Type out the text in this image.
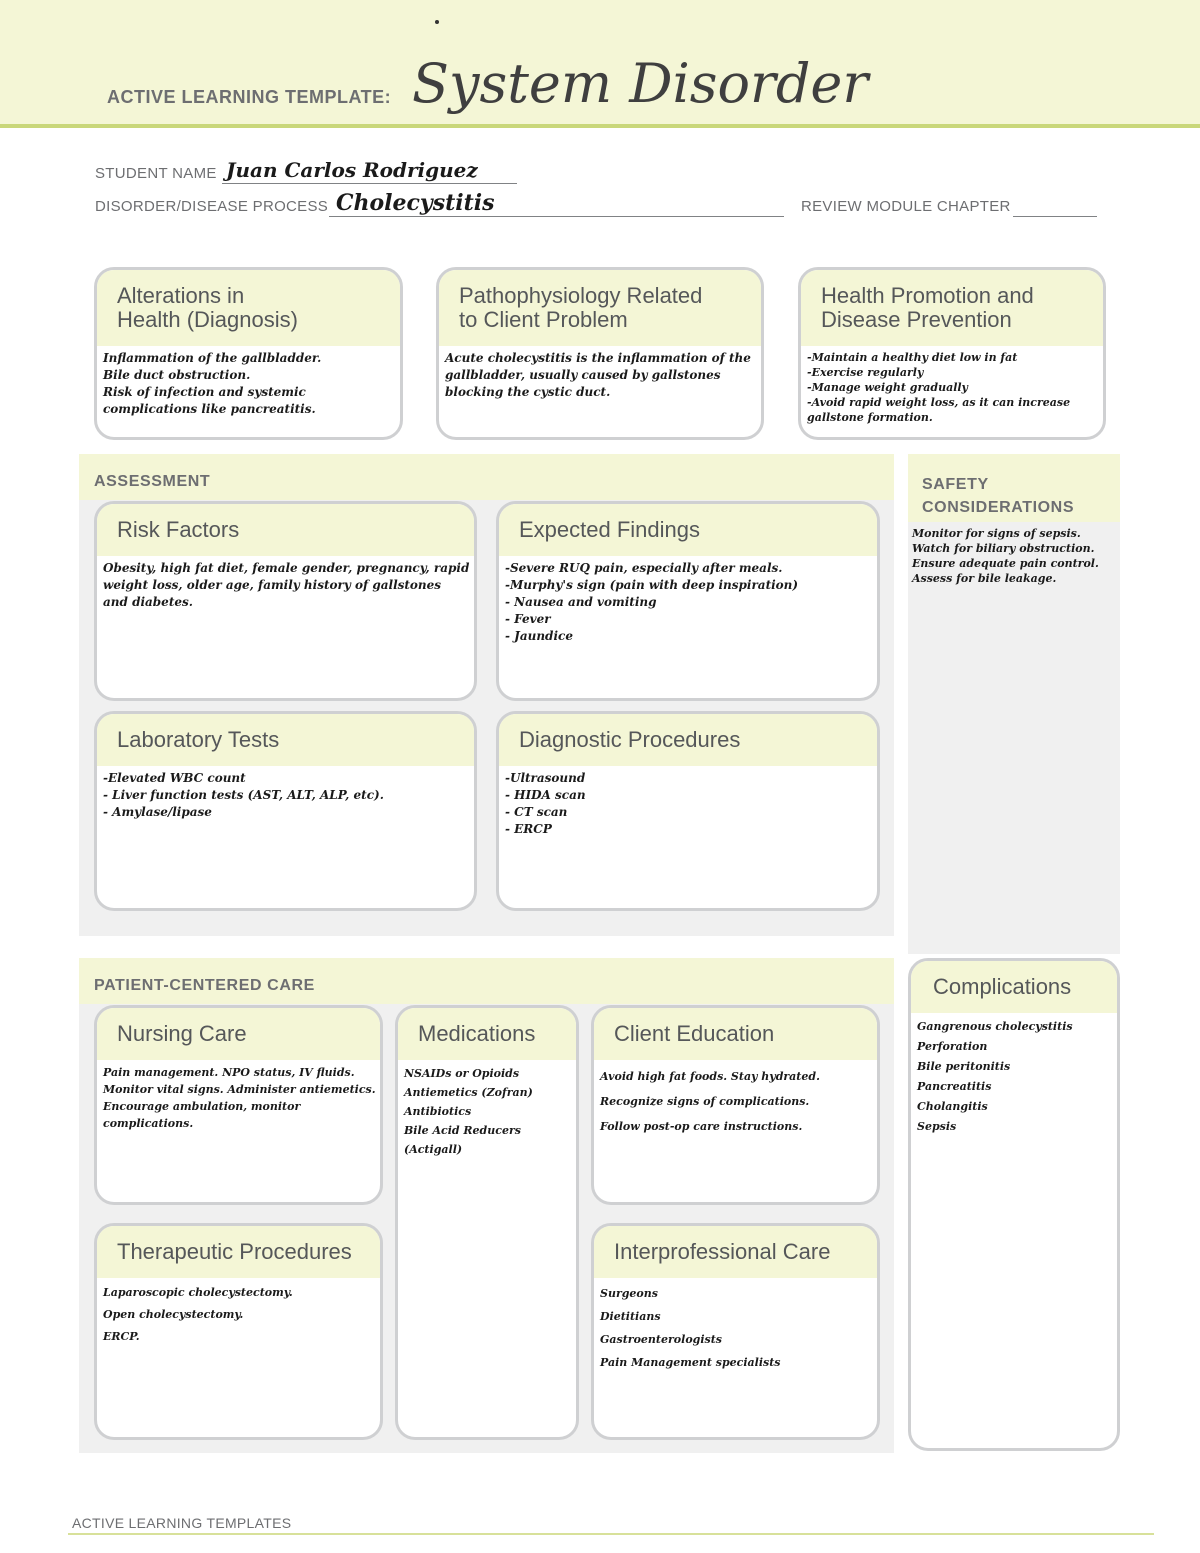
ACTIVE LEARNING TEMPLATE: System Disorder
STUDENT NAME Juan Carlos Rodriguez
DISORDER/DISEASE PROCESS Cholecystitis	REVIEW MODULE CHAPTER
Alterations in
Health (Diagnosis)

Inflammation of the gallbladder.
Bile duct obstruction.
Risk of infection and systemic complications like pancreatitis.

Pathophysiology Related
to Client Problem

Acute cholecystitis is the inflammation of the gallbladder, usually caused by gallstones blocking the cystic duct.

Health Promotion and
Disease Prevention

-Maintain a healthy diet low in fat
-Exercise regularly
-Manage weight gradually
-Avoid rapid weight loss, as it can increase gallstone formation.

ASSESSMENT
Risk Factors

Obesity, high fat diet, female gender, pregnancy, rapid weight loss, older age, family history of gallstones and diabetes.

Expected Findings

-Severe RUQ pain, especially after meals.
-Murphy's sign (pain with deep inspiration)
- Nausea and vomiting
- Fever
- Jaundice

Laboratory Tests

-Elevated WBC count
- Liver function tests (AST, ALT, ALP, etc).
- Amylase/lipase

Diagnostic Procedures

-Ultrasound
- HIDA scan
- CT scan
- ERCP

SAFETY
CONSIDERATIONS

Monitor for signs of sepsis.
Watch for biliary obstruction.
Ensure adequate pain control.
Assess for bile leakage.

Complications

Gangrenous cholecystitis
Perforation
Bile peritonitis
Pancreatitis
Cholangitis
Sepsis

PATIENT-CENTERED CARE
Nursing Care

Pain management. NPO status, IV fluids. Monitor vital signs. Administer antiemetics. Encourage ambulation, monitor complications.

Medications

NSAIDs or Opioids
Antiemetics (Zofran)
Antibiotics
Bile Acid Reducers (Actigall)

Client Education

Avoid high fat foods. Stay hydrated.
Recognize signs of complications.
Follow post-op care instructions.

Therapeutic Procedures

Laparoscopic cholecystectomy.
Open cholecystectomy.
ERCP.

Interprofessional Care

Surgeons
Dietitians
Gastroenterologists
Pain Management specialists

ACTIVE LEARNING TEMPLATES
